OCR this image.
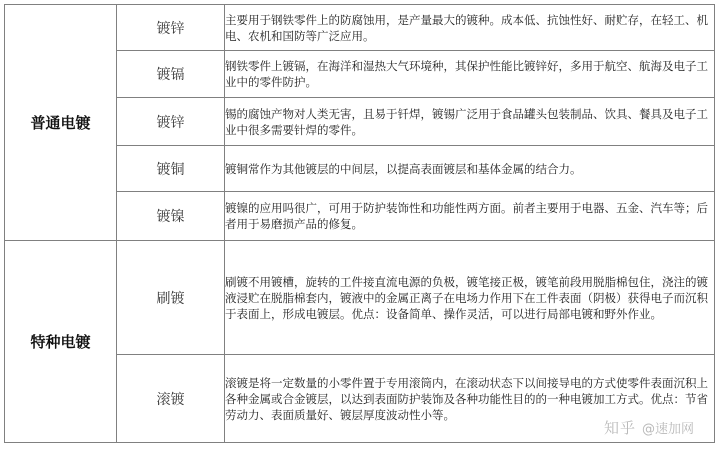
普通电镀	镀锌	主要用于钢铁零件上的防腐蚀用，是产量最大的镀种。成本低、抗蚀性好、耐贮存，在轻工、机电、农机和国防等广泛应用。
	镀镉	钢铁零件上镀镉，在海洋和湿热大气环境种，其保护性能比镀锌好，多用于航空、航海及电子工业中的零件防护。
	镀锌	锡的腐蚀产物对人类无害，且易于钎焊，镀锡广泛用于食品罐头包装制品、饮具、餐具及电子工业中很多需要针焊的零件。
	镀铜	镀铜常作为其他镀层的中间层，以提高表面镀层和基体金属的结合力。
	镀镍	镀镍的应用吗很广，可用于防护装饰性和功能性两方面。前者主要用于电器、五金、汽车等；后者用于易磨损产品的修复。
特种电镀	刷镀	刷镀不用镀槽，旋转的工件接直流电源的负极，镀笔接正极，镀笔前段用脱脂棉包住，浇注的镀液浸贮在脱脂棉套内，镀液中的金属正离子在电场力作用下在工件表面（阴极）获得电子而沉积于表面上，形成电镀层。优点：设备简单、操作灵活，可以进行局部电镀和野外作业。
	滚镀	滚镀是将一定数量的小零件置于专用滚筒内，在滚动状态下以间接导电的方式使零件表面沉积上各种金属或合金镀层，以达到表面防护装饰及各种功能性目的的一种电镀加工方式。优点：节省劳动力、表面质量好、镀层厚度波动性小等。
知乎 @速加网
